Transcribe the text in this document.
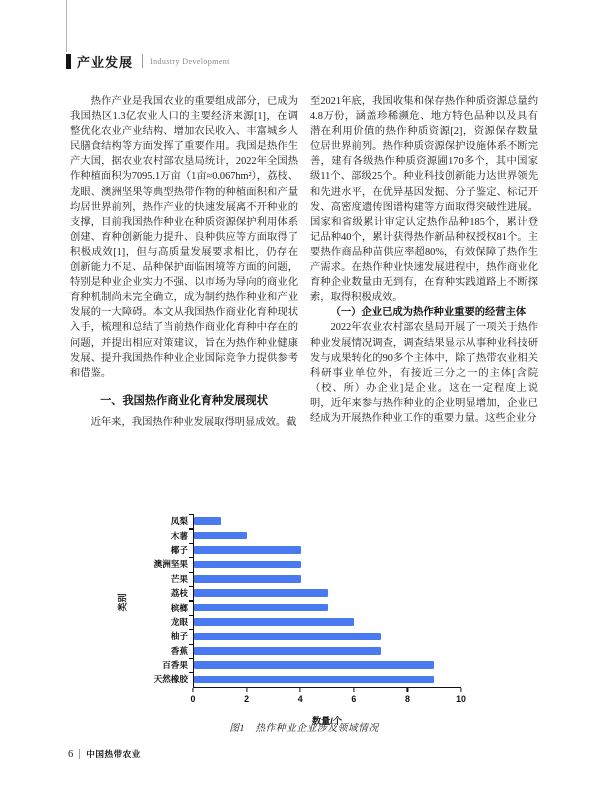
产业发展 Industry Development

热作产业是我国农业的重要组成部分，已成为我国热区1.3亿农业人口的主要经济来源[1]，在调整优化农业产业结构、增加农民收入、丰富城乡人民膳食结构等方面发挥了重要作用。我国是热作生产大国，据农业农村部农垦局统计，2022年全国热作种植面积为7095.1万亩（1亩≈0.067hm²），荔枝、龙眼、澳洲坚果等典型热带作物的种植面积和产量均居世界前列，热作产业的快速发展离不开种业的支撑，目前我国热作种业在种质资源保护利用体系创建、育种创新能力提升、良种供应等方面取得了积极成效[1]，但与高质量发展要求相比，仍存在创新能力不足、品种保护面临困境等方面的问题，特别是种业企业实力不强、以市场为导向的商业化育种机制尚未完全确立，成为制约热作种业和产业发展的一大障碍。本文从我国热作商业化育种现状入手，梳理和总结了当前热作商业化育种中存在的问题，并提出相应对策建议，旨在为热作种业健康发展、提升我国热作种业企业国际竞争力提供参考和借鉴。

一、我国热作商业化育种发展现状

近年来，我国热作种业发展取得明显成效。截

至2021年底，我国收集和保存热作种质资源总量约4.8万份，涵盖珍稀濒危、地方特色品种以及具有潜在利用价值的热作种质资源[2]，资源保存数量位居世界前列。热作种质资源保护设施体系不断完善，建有各级热作种质资源圃170多个，其中国家级11个、部级25个。种业科技创新能力达世界领先和先进水平，在优异基因发掘、分子鉴定、标记开发、高密度遗传图谱构建等方面取得突破性进展。国家和省级累计审定认定热作品种185个，累计登记品种40个，累计获得热作新品种权授权81个。主要热作商品种苗供应率超80%，有效保障了热作生产需求。在热作种业快速发展进程中，热作商业化育种企业数量由无到有，在育种实践道路上不断探索，取得积极成效。

（一）企业已成为热作种业重要的经营主体

2022年农业农村部农垦局开展了一项关于热作种业发展情况调查，调查结果显示从事种业科技研发与成果转化的90多个主体中，除了热带农业相关科研事业单位外，有接近三分之一的主体[含院（校、所）办企业]是企业。这在一定程度上说明，近年来参与热作种业的企业明显增加，企业已经成为开展热作种业工作的重要力量。这些企业分

类别
凤梨
木薯
椰子
澳洲坚果
芒果
荔枝
槟榔
龙眼
柚子
香蕉
百香果
天然橡胶
0	2	4	6	8	10
数量/个
图1　热作种业企业涉及领域情况
6 中国热带农业
